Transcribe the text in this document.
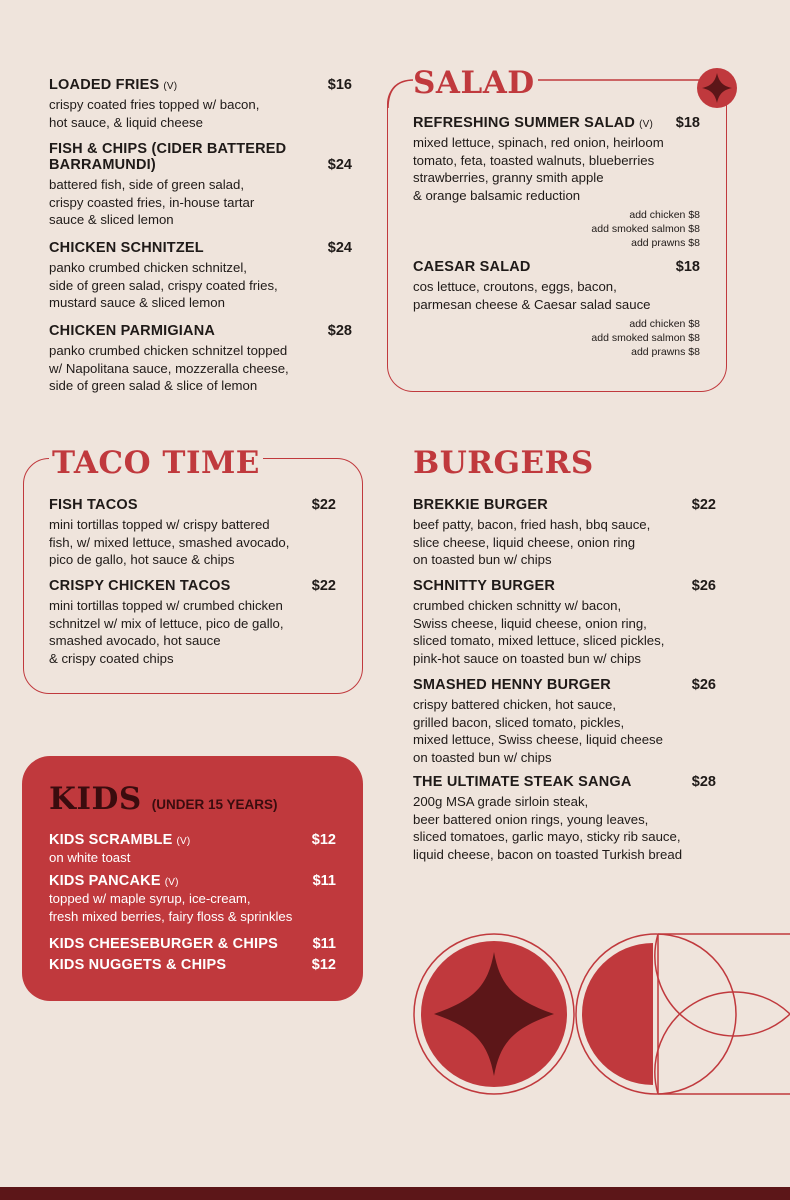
LOADED FRIES (V)	$16
crispy coated fries topped w/ bacon,
hot sauce, & liquid cheese
FISH & CHIPS (CIDER BATTERED
BARRAMUNDI)	$24
battered fish, side of green salad,
crispy coasted fries, in-house tartar
sauce & sliced lemon
CHICKEN SCHNITZEL	$24
panko crumbed chicken schnitzel,
side of green salad, crispy coated fries,
mustard sauce & sliced lemon
CHICKEN PARMIGIANA	$28
panko crumbed chicken schnitzel topped
w/ Napolitana sauce, mozzeralla cheese,
side of green salad & slice of lemon
SALAD
REFRESHING SUMMER SALAD (V) $18
mixed lettuce, spinach, red onion, heirloom
tomato, feta, toasted walnuts, blueberries
strawberries, granny smith apple
& orange balsamic reduction
add chicken $8
add smoked salmon $8
add prawns $8
CAESAR SALAD	$18
cos lettuce, croutons, eggs, bacon,
parmesan cheese & Caesar salad sauce
add chicken $8
add smoked salmon $8
add prawns $8
TACO TIME
FISH TACOS	$22
mini tortillas topped w/ crispy battered
fish, w/ mixed lettuce, smashed avocado,
pico de gallo, hot sauce & chips
CRISPY CHICKEN TACOS	$22
mini tortillas topped w/ crumbed chicken
schnitzel w/ mix of lettuce, pico de gallo,
smashed avocado, hot sauce
& crispy coated chips
BURGERS
BREKKIE BURGER	$22
beef patty, bacon, fried hash, bbq sauce,
slice cheese, liquid cheese, onion ring
on toasted bun w/ chips
SCHNITTY BURGER	$26
crumbed chicken schnitty w/ bacon,
Swiss cheese, liquid cheese, onion ring,
sliced tomato, mixed lettuce, sliced pickles,
pink-hot sauce on toasted bun w/ chips
SMASHED HENNY BURGER	$26
crispy battered chicken, hot sauce,
grilled bacon, sliced tomato, pickles,
mixed lettuce, Swiss cheese, liquid cheese
on toasted bun w/ chips
THE ULTIMATE STEAK SANGA	$28
200g MSA grade sirloin steak,
beer battered onion rings, young leaves,
sliced tomatoes, garlic mayo, sticky rib sauce,
liquid cheese, bacon on toasted Turkish bread
KIDS (UNDER 15 YEARS)
KIDS SCRAMBLE (V)	$12
on white toast
KIDS PANCAKE (V)	$11
topped w/ maple syrup, ice-cream,
fresh mixed berries, fairy floss & sprinkles
KIDS CHEESEBURGER & CHIPS $11
KIDS NUGGETS & CHIPS	$12
